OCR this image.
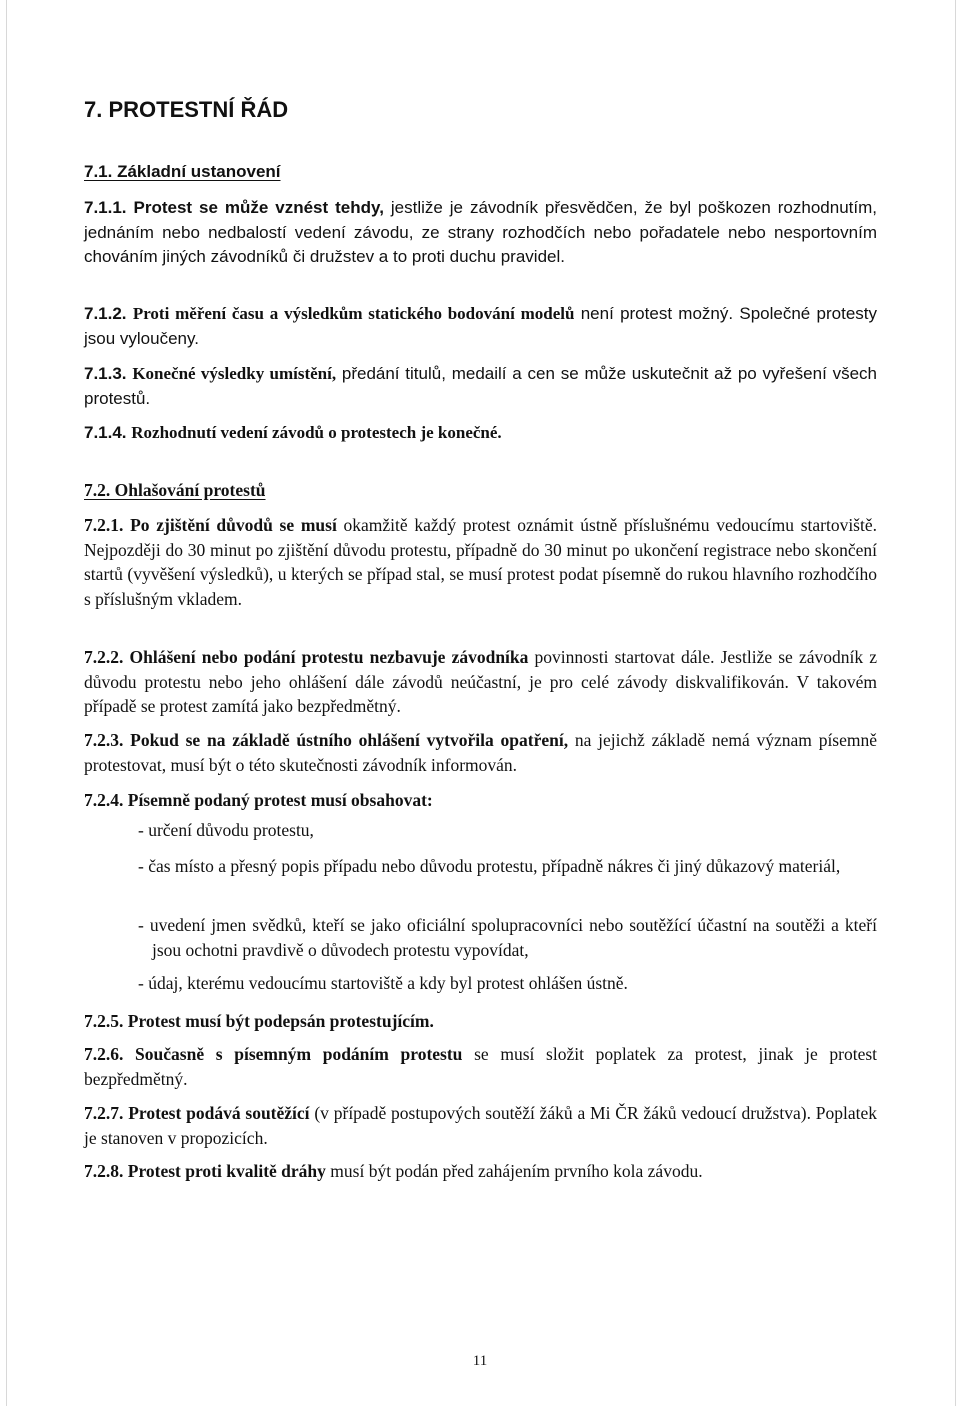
7. PROTESTNÍ ŘÁD
7.1. Základní ustanovení
7.1.1. Protest se může vznést tehdy, jestliže je závodník přesvědčen, že byl poškozen rozhodnutím, jednáním nebo nedbalostí vedení závodu, ze strany rozhodčích nebo pořadatele nebo nesportovním chováním jiných závodníků či družstev a to proti duchu pravidel.
7.1.2. Proti měření času a výsledkům statického bodování modelů není protest možný. Společné protesty jsou vyloučeny.
7.1.3. Konečné výsledky umístění, předání titulů, medailí a cen se může uskutečnit až po vyřešení všech protestů.
7.1.4. Rozhodnutí vedení závodů o protestech je konečné.
7.2. Ohlašování protestů
7.2.1. Po zjištění důvodů se musí okamžitě každý protest oznámit ústně příslušnému vedoucímu startoviště. Nejpozději do 30 minut po zjištění důvodu protestu, případně do 30 minut po ukončení registrace nebo skončení startů (vyvěšení výsledků), u kterých se případ stal, se musí protest podat písemně do rukou hlavního rozhodčího s příslušným vkladem.
7.2.2. Ohlášení nebo podání protestu nezbavuje závodníka povinnosti startovat dále. Jestliže se závodník z důvodu protestu nebo jeho ohlášení dále závodů neúčastní, je pro celé závody diskvalifikován. V takovém případě se protest zamítá jako bezpředmětný.
7.2.3. Pokud se na základě ústního ohlášení vytvořila opatření, na jejichž základě nemá význam písemně protestovat, musí být o této skutečnosti závodník informován.
7.2.4. Písemně podaný protest musí obsahovat:
- určení důvodu protestu,
- čas místo a přesný popis případu nebo důvodu protestu, případně nákres či jiný důkazový materiál,
- uvedení jmen svědků, kteří se jako oficiální spolupracovníci nebo soutěžící účastní na soutěži a kteří jsou ochotni pravdivě o důvodech protestu vypovídat,
- údaj, kterému vedoucímu startoviště a kdy byl protest ohlášen ústně.
7.2.5. Protest musí být podepsán protestujícím.
7.2.6. Současně s písemným podáním protestu se musí složit poplatek za protest, jinak je protest bezpředmětný.
7.2.7. Protest podává soutěžící (v případě postupových soutěží žáků a Mi ČR žáků vedoucí družstva). Poplatek je stanoven v propozicích.
7.2.8. Protest proti kvalitě dráhy musí být podán před zahájením prvního kola závodu.
11
